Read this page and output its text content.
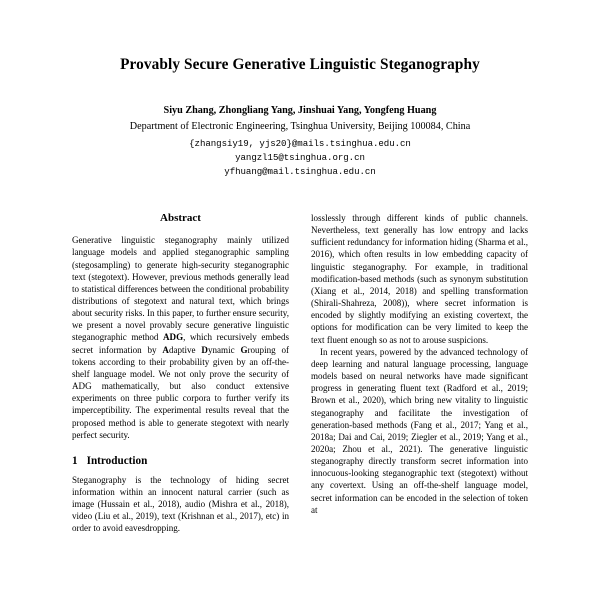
Provably Secure Generative Linguistic Steganography
Siyu Zhang, Zhongliang Yang, Jinshuai Yang, Yongfeng Huang
Department of Electronic Engineering, Tsinghua University, Beijing 100084, China
{zhangsiy19, yjs20}@mails.tsinghua.edu.cn
yangzl15@tsinghua.org.cn
yfhuang@mail.tsinghua.edu.cn
Abstract

Generative linguistic steganography mainly utilized language models and applied steganographic sampling (stegosampling) to generate high-security steganographic text (stegotext). However, previous methods generally lead to statistical differences between the conditional probability distributions of stegotext and natural text, which brings about security risks. In this paper, to further ensure security, we present a novel provably secure generative linguistic steganographic method ADG, which recursively embeds secret information by Adaptive Dynamic Grouping of tokens according to their probability given by an off-the-shelf language model. We not only prove the security of ADG mathematically, but also conduct extensive experiments on three public corpora to further verify its imperceptibility. The experimental results reveal that the proposed method is able to generate stegotext with nearly perfect security.

1 Introduction

Steganography is the technology of hiding secret information within an innocent natural carrier (such as image (Hussain et al., 2018), audio (Mishra et al., 2018), video (Liu et al., 2019), text (Krishnan et al., 2017), etc) in order to avoid eavesdropping.

losslessly through different kinds of public channels. Nevertheless, text generally has low entropy and lacks sufficient redundancy for information hiding (Sharma et al., 2016), which often results in low embedding capacity of linguistic steganography. For example, in traditional modification-based methods (such as synonym substitution (Xiang et al., 2014, 2018) and spelling transformation (Shirali-Shahreza, 2008)), where secret information is encoded by slightly modifying an existing covertext, the options for modification can be very limited to keep the text fluent enough so as not to arouse suspicions.

In recent years, powered by the advanced technology of deep learning and natural language processing, language models based on neural networks have made significant progress in generating fluent text (Radford et al., 2019; Brown et al., 2020), which bring new vitality to linguistic steganography and facilitate the investigation of generation-based methods (Fang et al., 2017; Yang et al., 2018a; Dai and Cai, 2019; Ziegler et al., 2019; Yang et al., 2020a; Zhou et al., 2021). The generative linguistic steganography directly transform secret information into innocuous-looking steganographic text (stegotext) without any covertext. Using an off-the-shelf language model, secret information can be encoded in the selection of token at
